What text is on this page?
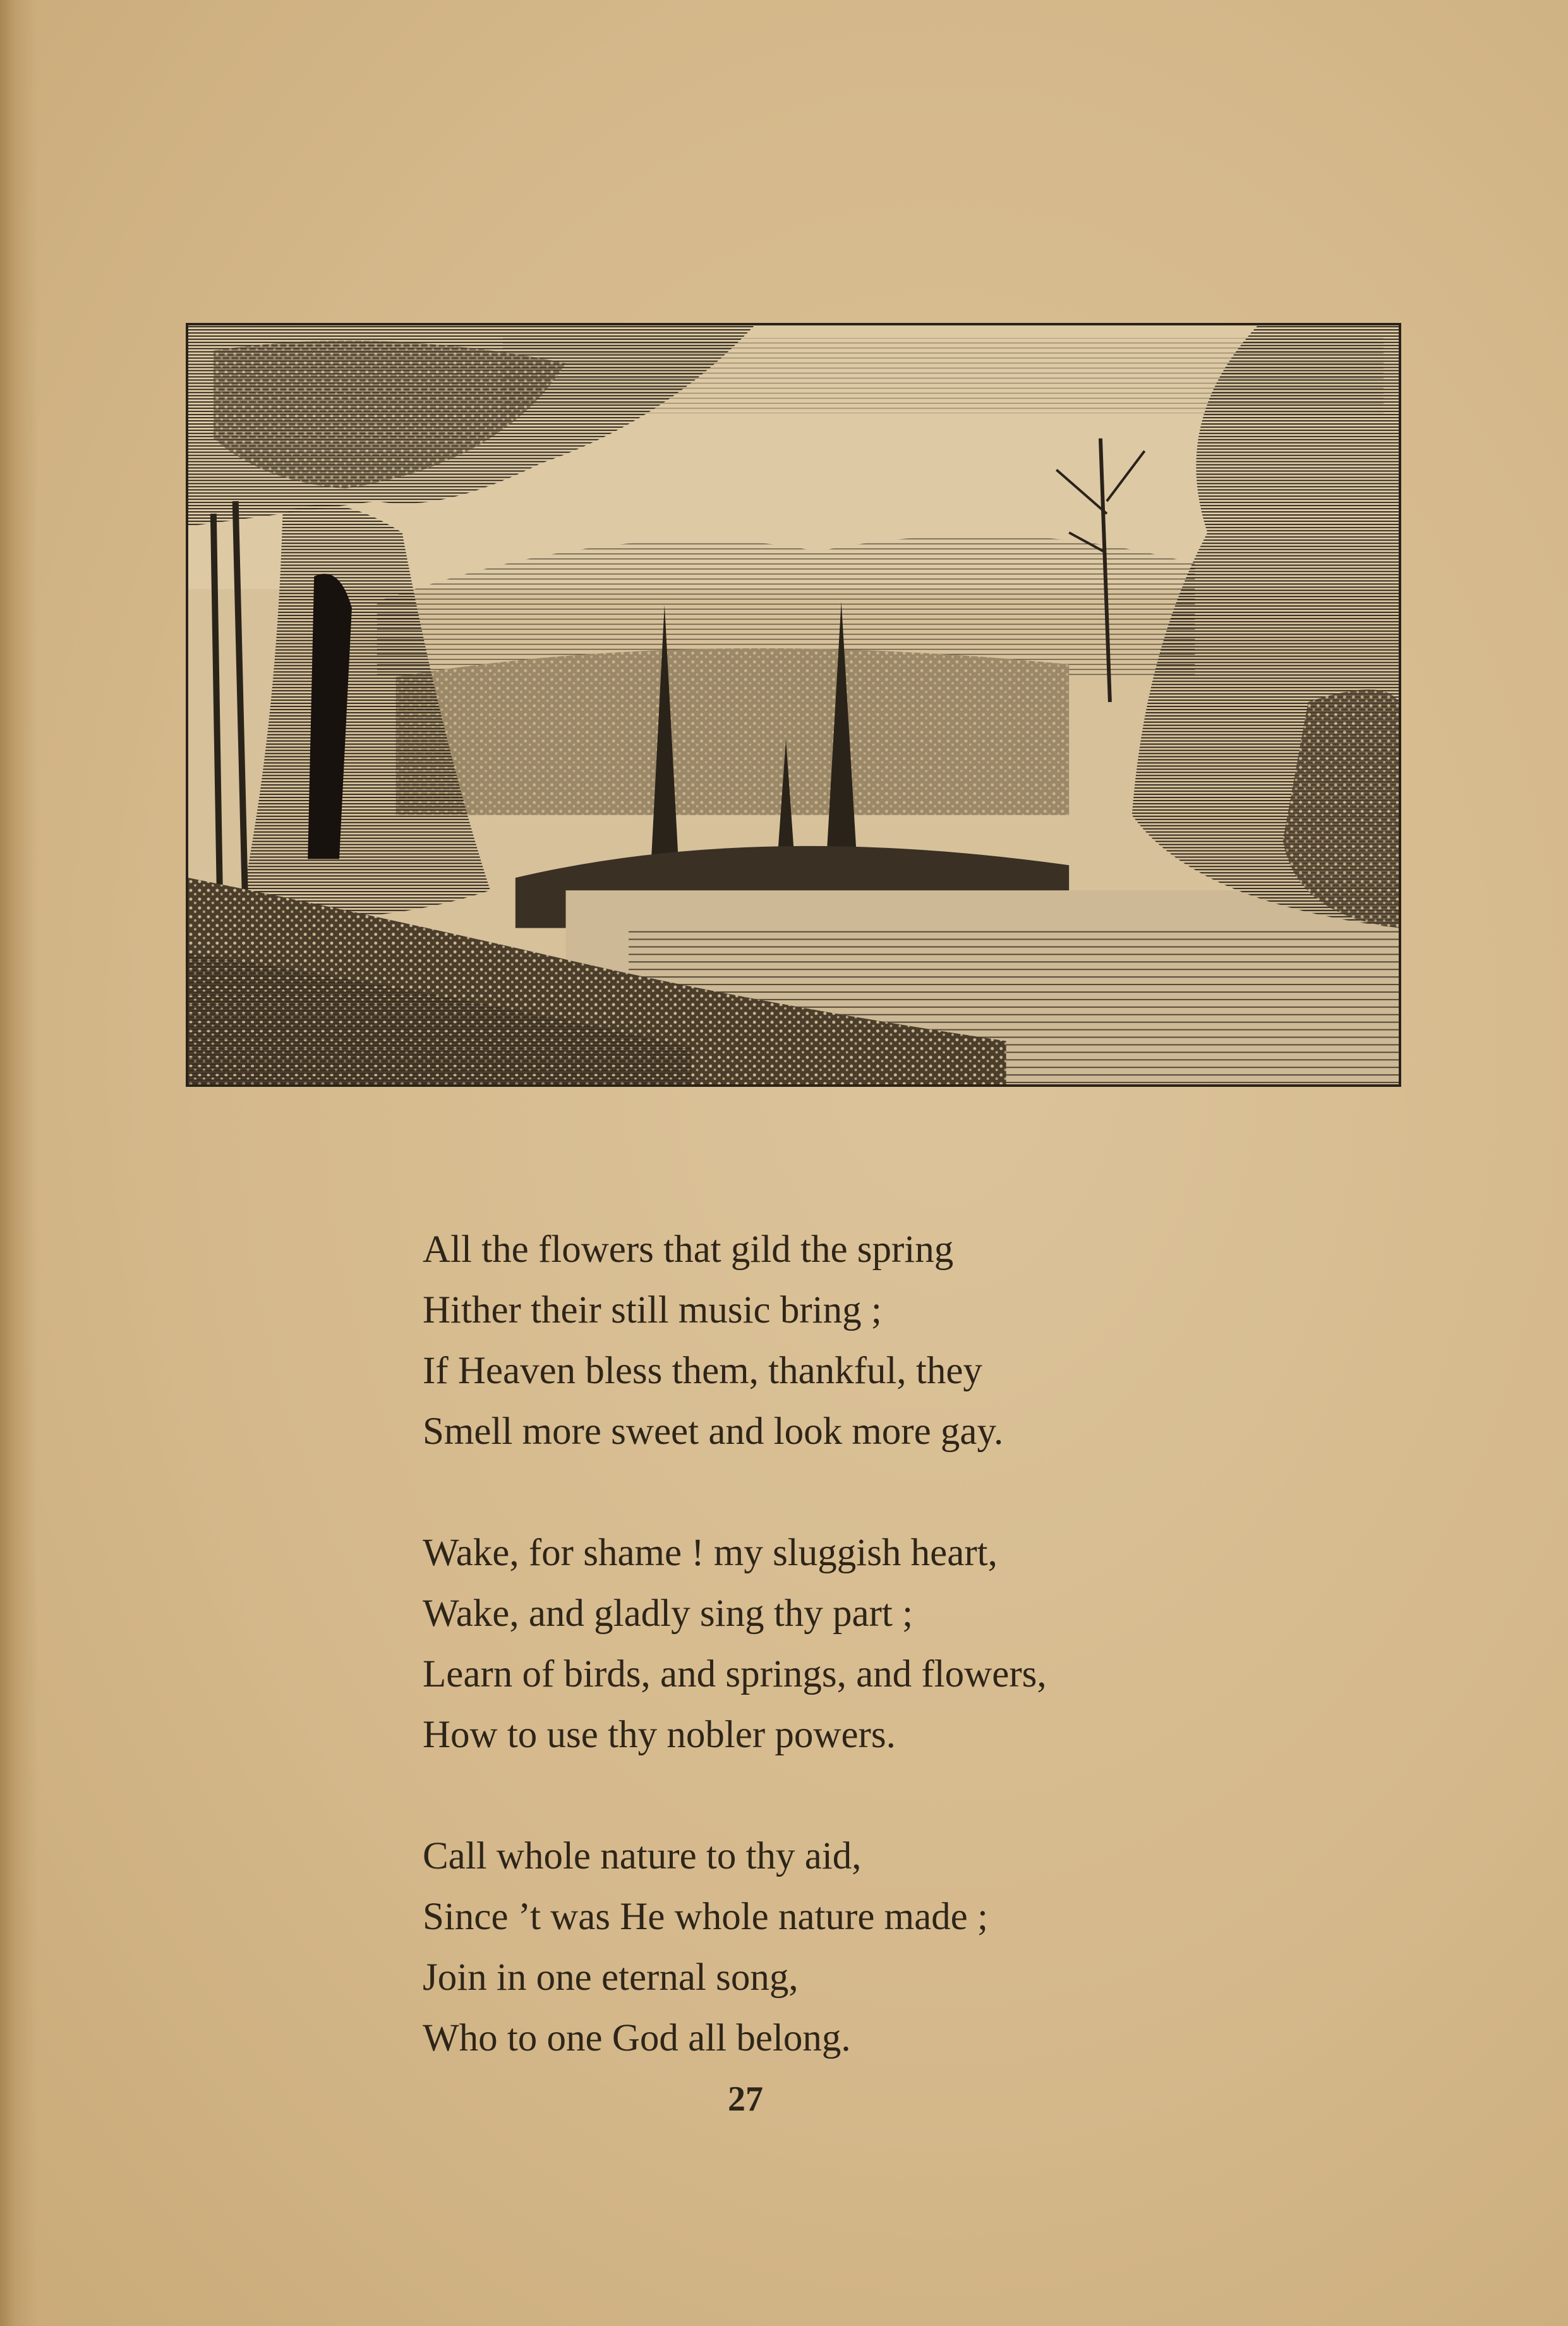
All the flowers that gild the spring
Hither their still music bring ;
If Heaven bless them, thankful, they
Smell more sweet and look more gay.
Wake, for shame ! my sluggish heart,
Wake, and gladly sing thy part ;
Learn of birds, and springs, and flowers,
How to use thy nobler powers.
Call whole nature to thy aid,
Since ’t was He whole nature made ;
Join in one eternal song,
Who to one God all belong.
27
